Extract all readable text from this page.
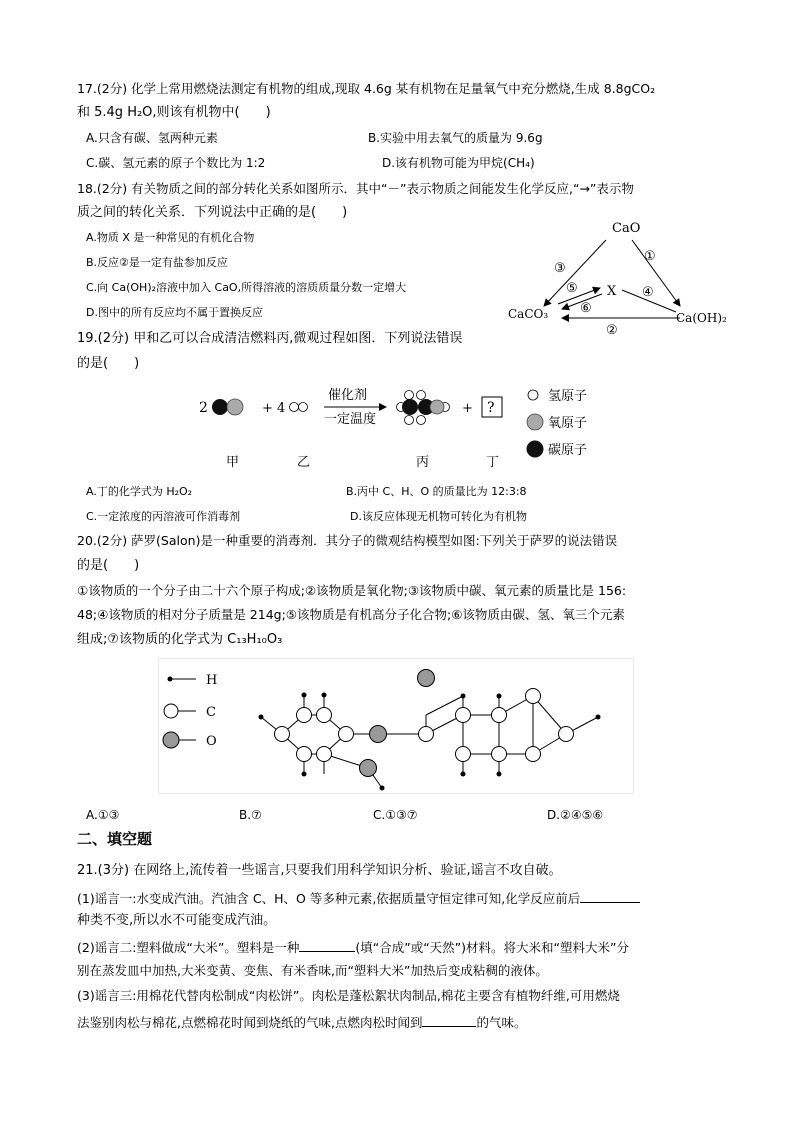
17.(2分) 化学上常用燃烧法测定有机物的组成,现取 4.6g 某有机物在足量氧气中充分燃烧,生成 8.8gCO₂
和 5.4g H₂O,则该有机物中(　　)
A.只含有碳、氢两种元素	B.实验中用去氧气的质量为 9.6g
C.碳、氢元素的原子个数比为 1:2	D.该有机物可能为甲烷(CH₄)
18.(2分) 有关物质之间的部分转化关系如图所示．其中“－”表示物质之间能发生化学反应,“→”表示物
质之间的转化关系．下列说法中正确的是(　　)
A.物质 X 是一种常见的有机化合物
B.反应②是一定有盐参加反应
C.向 Ca(OH)₂溶液中加入 CaO,所得溶液的溶质质量分数一定增大
D.图中的所有反应均不属于置换反应
CaO
CaCO₃	Ca(OH)₂
X
①
②
③
④
⑤
⑥
19.(2分) 甲和乙可以合成清洁燃料丙,微观过程如图．下列说法错误
的是(　　)
2	+ 4
催化剂
一定温度
+ ?
甲	乙	丙	丁
氢原子
氧原子
碳原子
A.丁的化学式为 H₂O₂	B.丙中 C、H、O 的质量比为 12:3:8
C.一定浓度的丙溶液可作消毒剂	D.该反应体现无机物可转化为有机物
20.(2分) 萨罗(Salon)是一种重要的消毒剂．其分子的微观结构模型如图:下列关于萨罗的说法错误
的是(　　)
①该物质的一个分子由二十六个原子构成;②该物质是氧化物;③该物质中碳、氧元素的质量比是 156:
48;④该物质的相对分子质量是 214g;⑤该物质是有机高分子化合物;⑥该物质由碳、氢、氧三个元素
组成;⑦该物质的化学式为 C₁₃H₁₀O₃
H
C
O
A.①③	B.⑦	C.①③⑦	D.②④⑤⑥
二、填空题
21.(3分) 在网络上,流传着一些谣言,只要我们用科学知识分析、验证,谣言不攻自破。
(1)谣言一:水变成汽油。汽油含 C、H、O 等多种元素,依据质量守恒定律可知,化学反应前后
种类不变,所以水不可能变成汽油。
(2)谣言二:塑料做成“大米”。塑料是一种	(填“合成”或“天然”)材料。将大米和“塑料大米”分
别在蒸发皿中加热,大米变黄、变焦、有米香味,而“塑料大米”加热后变成粘稠的液体。
(3)谣言三:用棉花代替肉松制成“肉松饼”。肉松是蓬松絮状肉制品,棉花主要含有植物纤维,可用燃烧
法鉴别肉松与棉花,点燃棉花时闻到烧纸的气味,点燃肉松时闻到	的气味。
